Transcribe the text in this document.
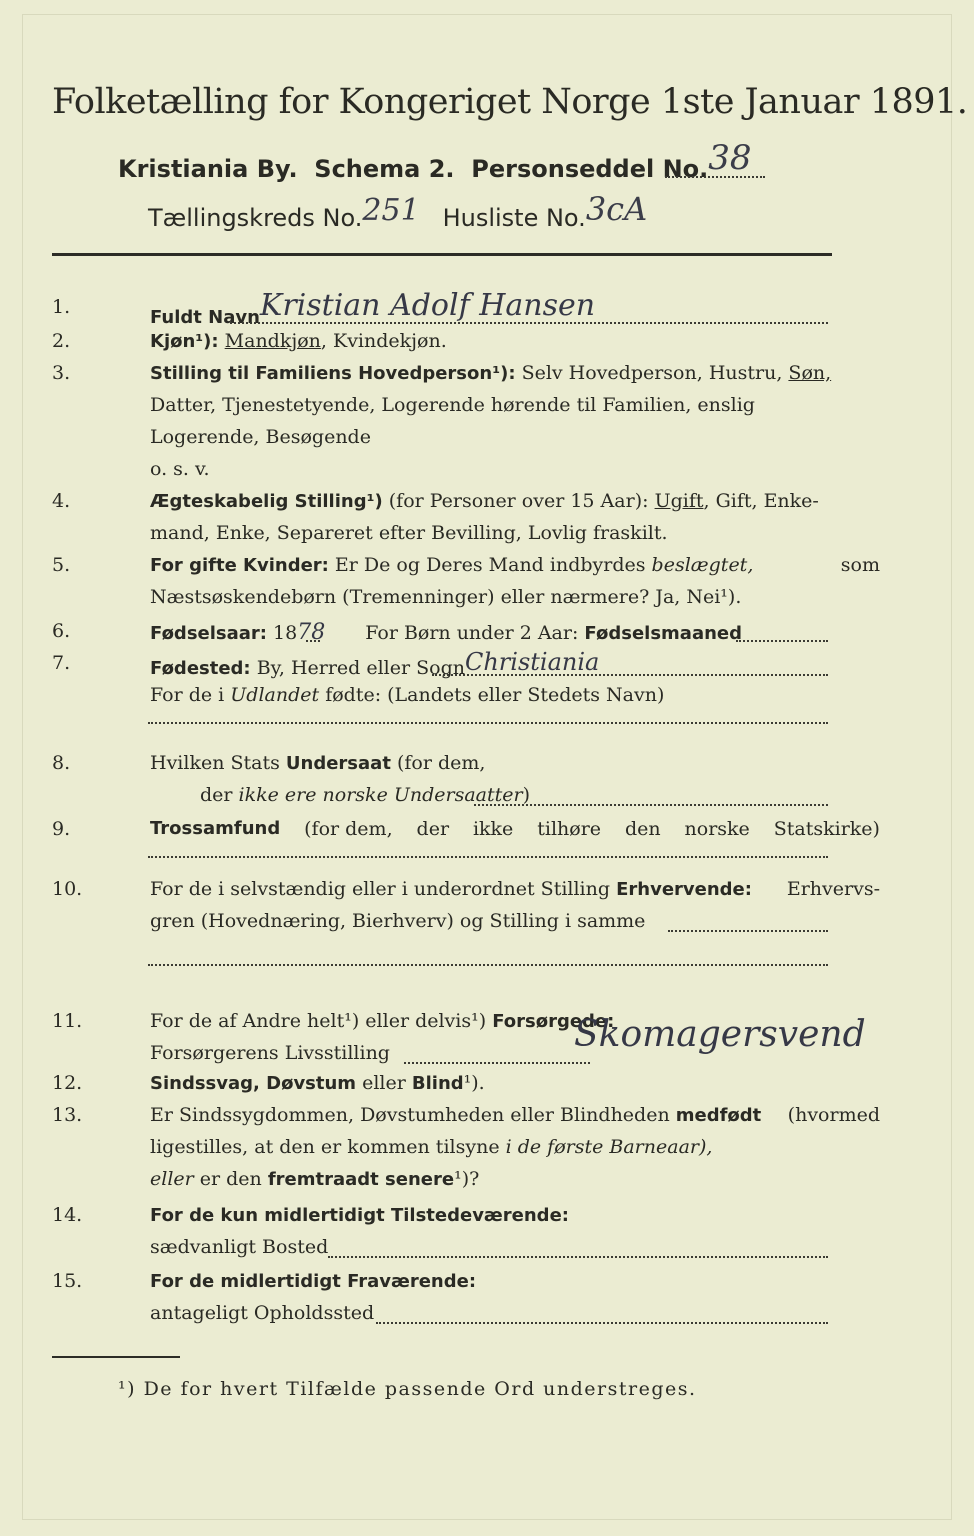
Folketælling for Kongeriget Norge 1ste Januar 1891.
Kristiania By. Schema 2. Personseddel No.38
Tællingskreds No.251 Husliste No.3cA
1.	Fuldt NavnKristian Adolf Hansen
2.	Kjøn¹): Mandkjøn, Kvindekjøn.
3.	Stilling til Familiens Hovedperson¹): Selv Hovedperson, Hustru, Søn,
Datter, Tjenestetyende, Logerende hørende til Familien, enslig
Logerende, Besøgende
o. s. v.
4.	Ægteskabelig Stilling¹) (for Personer over 15 Aar): Ugift, Gift, Enke-
mand, Enke, Separeret efter Bevilling, Lovlig fraskilt.
5.	For gifte Kvinder: Er De og Deres Mand indbyrdes beslægtet,	som
Næstsøskendebørn (Tremenninger) eller nærmere? Ja, Nei¹).
6.	Fødselsaar: 1878 For Børn under 2 Aar: Fødselsmaaned
7.	Fødested: By, Herred eller SognChristiania
For de i Udlandet fødte: (Landets eller Stedets Navn)
8.	Hvilken Stats Undersaat (for dem,
der ikke ere norske Undersaatter)
9.	Trossamfund (for dem, der ikke tilhøre den norske Statskirke)
10.	For de i selvstændig eller i underordnet Stilling Erhvervende: Erhvervs-
gren (Hovednæring, Bierhverv) og Stilling i samme
11.	For de af Andre helt¹) eller delvis¹) Forsørgede:
Forsørgerens Livsstilling	Skomagersvend
12.	Sindssvag, Døvstum eller Blind¹).
13.	Er Sindssygdommen, Døvstumheden eller Blindheden medfødt (hvormed
ligestilles, at den er kommen tilsyne i de første Barneaar),
eller er den fremtraadt senere¹)?
14.	For de kun midlertidigt Tilstedeværende:
sædvanligt Bosted
15.	For de midlertidigt Fraværende:
antageligt Opholdssted
¹) De for hvert Tilfælde passende Ord understreges.
